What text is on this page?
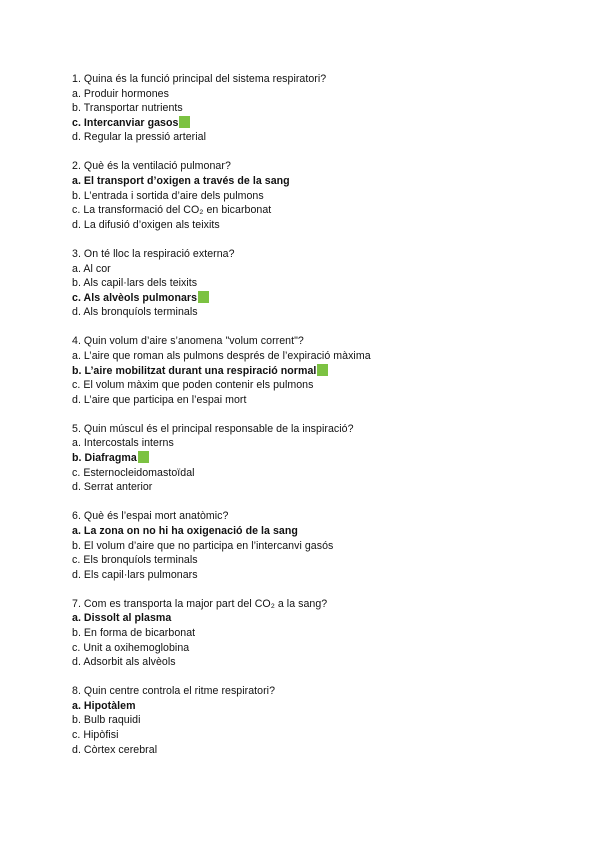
1. Quina és la funció principal del sistema respiratori?
a. Produir hormones
b. Transportar nutrients
c. Intercanviar gasos
d. Regular la pressió arterial
2. Què és la ventilació pulmonar?
a. El transport d’oxigen a través de la sang
b. L’entrada i sortida d’aire dels pulmons
c. La transformació del CO₂ en bicarbonat
d. La difusió d’oxigen als teixits
3. On té lloc la respiració externa?
a. Al cor
b. Als capil·lars dels teixits
c. Als alvèols pulmonars
d. Als bronquíols terminals
4. Quin volum d’aire s’anomena "volum corrent"?
a. L’aire que roman als pulmons després de l’expiració màxima
b. L’aire mobilitzat durant una respiració normal
c. El volum màxim que poden contenir els pulmons
d. L’aire que participa en l’espai mort
5. Quin múscul és el principal responsable de la inspiració?
a. Intercostals interns
b. Diafragma
c. Esternocleidomastoïdal
d. Serrat anterior
6. Què és l’espai mort anatòmic?
a. La zona on no hi ha oxigenació de la sang
b. El volum d’aire que no participa en l’intercanvi gasós
c. Els bronquíols terminals
d. Els capil·lars pulmonars
7. Com es transporta la major part del CO₂ a la sang?
a. Dissolt al plasma
b. En forma de bicarbonat
c. Unit a oxihemoglobina
d. Adsorbit als alvèols
8. Quin centre controla el ritme respiratori?
a. Hipotàlem
b. Bulb raquidi
c. Hipòfisi
d. Còrtex cerebral
